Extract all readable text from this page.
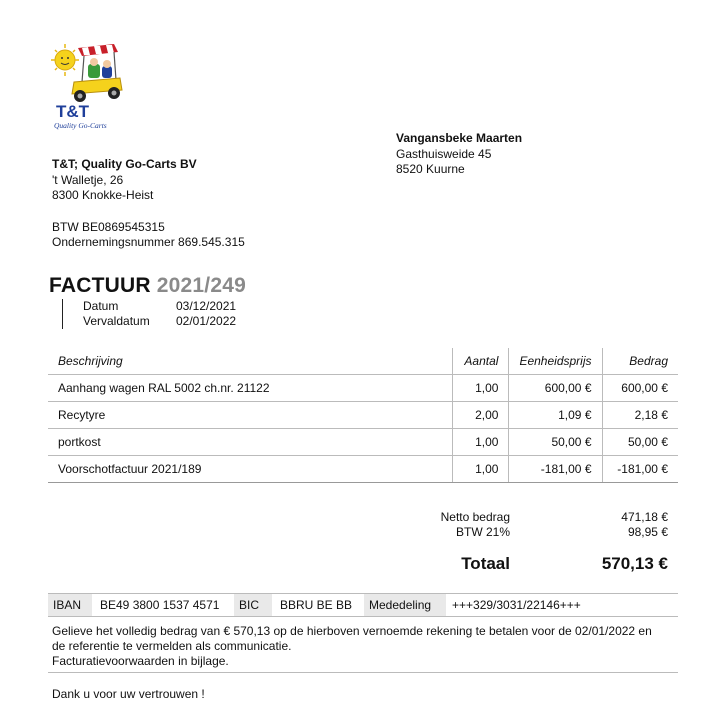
T&T
Quality Go-Carts
T&T; Quality Go-Carts BV
't Walletje, 26
8300 Knokke-Heist
BTW BE0869545315
Ondernemingsnummer 869.545.315
Vangansbeke Maarten
Gasthuisweide 45
8520 Kuurne
FACTUUR 2021/249
Datum	03/12/2021
Vervaldatum	02/01/2022
Beschrijving	Aantal	Eenheidsprijs	Bedrag
Aanhang wagen RAL 5002 ch.nr. 21122	1,00	600,00 €	600,00 €
Recytyre	2,00	1,09 €	2,18 €
portkost	1,00	50,00 €	50,00 €
Voorschotfactuur 2021/189	1,00	-181,00 €	-181,00 €
Netto bedrag	471,18 €
BTW 21%	98,95 €
Totaal	570,13 €
IBAN	BE49 3800 1537 4571	BIC	BBRU BE BB	Mededeling	+++329/3031/22146+++
Gelieve het volledig bedrag van € 570,13 op de hierboven vernoemde rekening te betalen voor de 02/01/2022 en
de referentie te vermelden als communicatie.
Facturatievoorwaarden in bijlage.
Dank u voor uw vertrouwen !
